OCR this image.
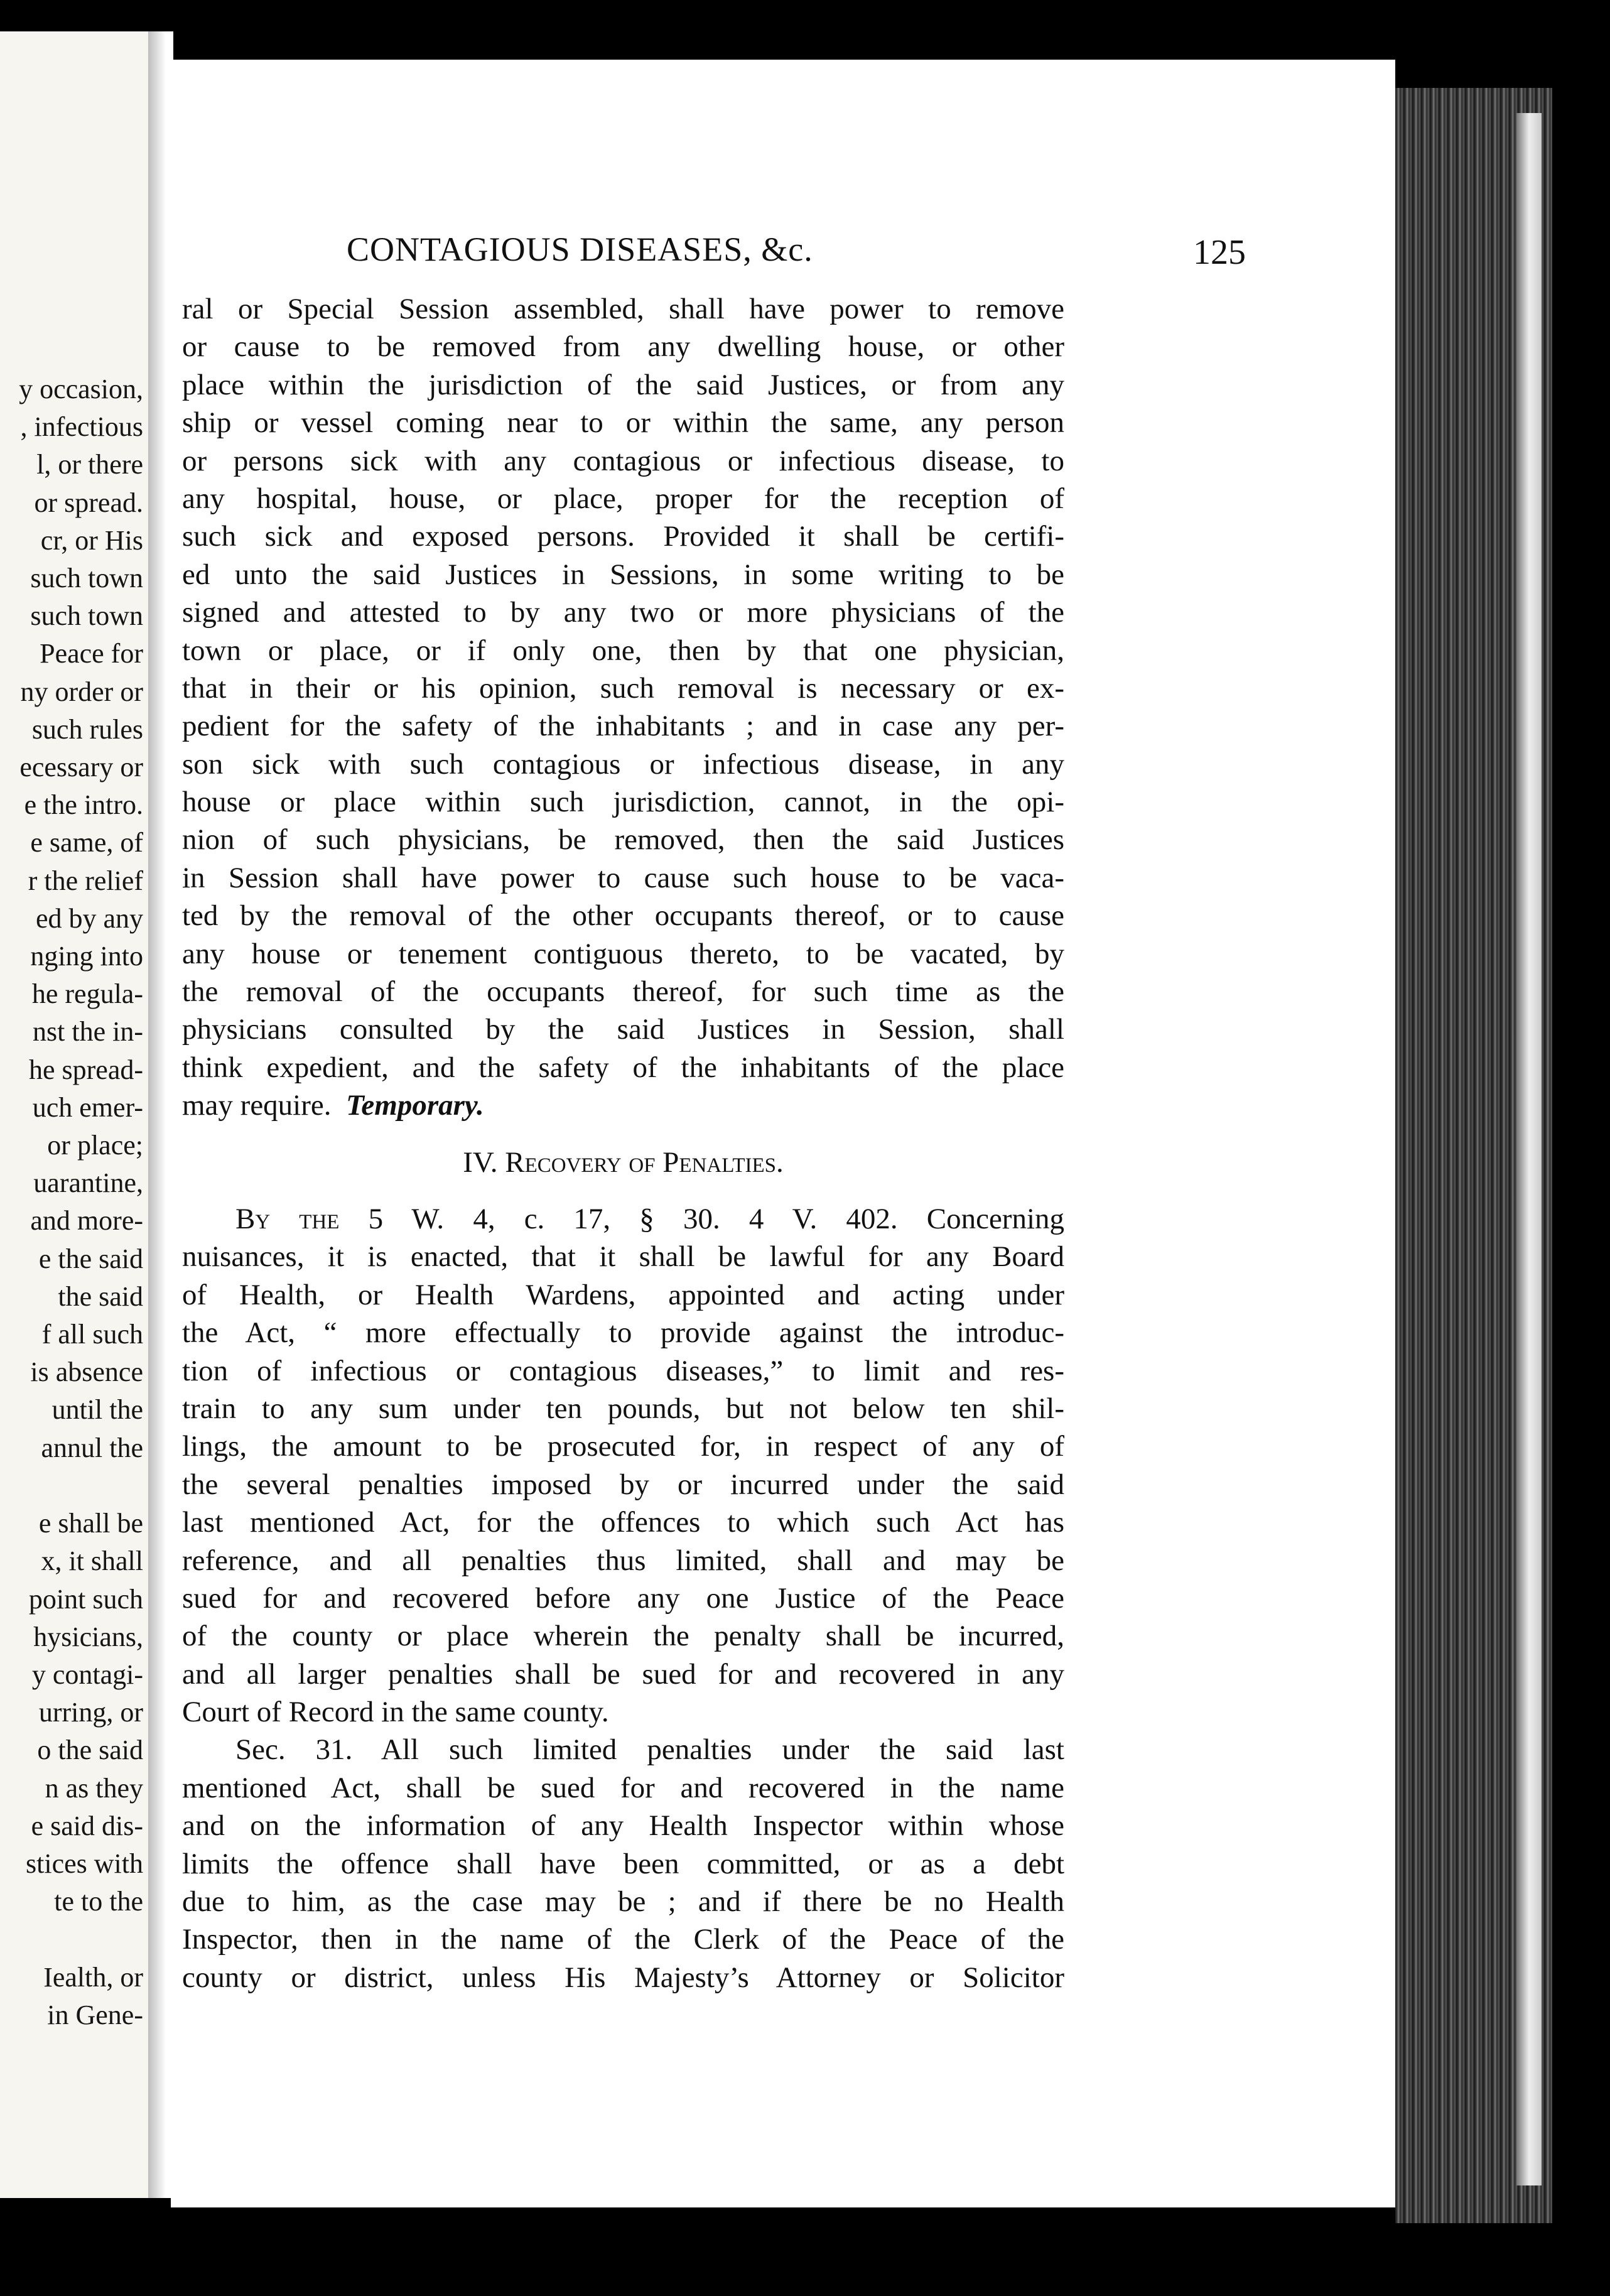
y occasion,
, infectious
l, or there
or spread.
cr, or His
such town
such town
Peace for
ny order or
such rules
ecessary or
e the intro.
e same, of
r the relief
ed by any
nging into
he regula-
nst the in-
he spread-
uch emer-
or place;
uarantine,
and more-
e the said
the said
f all such
is absence
until the
annul the

e shall be
x, it shall
point such
hysicians,
y contagi-
urring, or
o the said
n as they
e said dis-
stices with
te to the

Iealth, or
in Gene-
CONTAGIOUS DISEASES, &c.	125
ral or Special Session assembled, shall have power to remove
or cause to be removed from any dwelling house, or other
place within the jurisdiction of the said Justices, or from any
ship or vessel coming near to or within the same, any person
or persons sick with any contagious or infectious disease, to
any hospital, house, or place, proper for the reception of
such sick and exposed persons. Provided it shall be certifi-
ed unto the said Justices in Sessions, in some writing to be
signed and attested to by any two or more physicians of the
town or place, or if only one, then by that one physician,
that in their or his opinion, such removal is necessary or ex-
pedient for the safety of the inhabitants ; and in case any per-
son sick with such contagious or infectious disease, in any
house or place within such jurisdiction, cannot, in the opi-
nion of such physicians, be removed, then the said Justices
in Session shall have power to cause such house to be vaca-
ted by the removal of the other occupants thereof, or to cause
any house or tenement contiguous thereto, to be vacated, by
the removal of the occupants thereof, for such time as the
physicians consulted by the said Justices in Session, shall
think expedient, and the safety of the inhabitants of the place
may require. Temporary.
IV. Recovery of Penalties.
By the 5 W. 4, c. 17, § 30. 4 V. 402. Concerning
nuisances, it is enacted, that it shall be lawful for any Board
of Health, or Health Wardens, appointed and acting under
the Act, “ more effectually to provide against the introduc-
tion of infectious or contagious diseases,” to limit and res-
train to any sum under ten pounds, but not below ten shil-
lings, the amount to be prosecuted for, in respect of any of
the several penalties imposed by or incurred under the said
last mentioned Act, for the offences to which such Act has
reference, and all penalties thus limited, shall and may be
sued for and recovered before any one Justice of the Peace
of the county or place wherein the penalty shall be incurred,
and all larger penalties shall be sued for and recovered in any
Court of Record in the same county.
Sec. 31. All such limited penalties under the said last
mentioned Act, shall be sued for and recovered in the name
and on the information of any Health Inspector within whose
limits the offence shall have been committed, or as a debt
due to him, as the case may be ; and if there be no Health
Inspector, then in the name of the Clerk of the Peace of the
county or district, unless His Majesty’s Attorney or Solicitor
